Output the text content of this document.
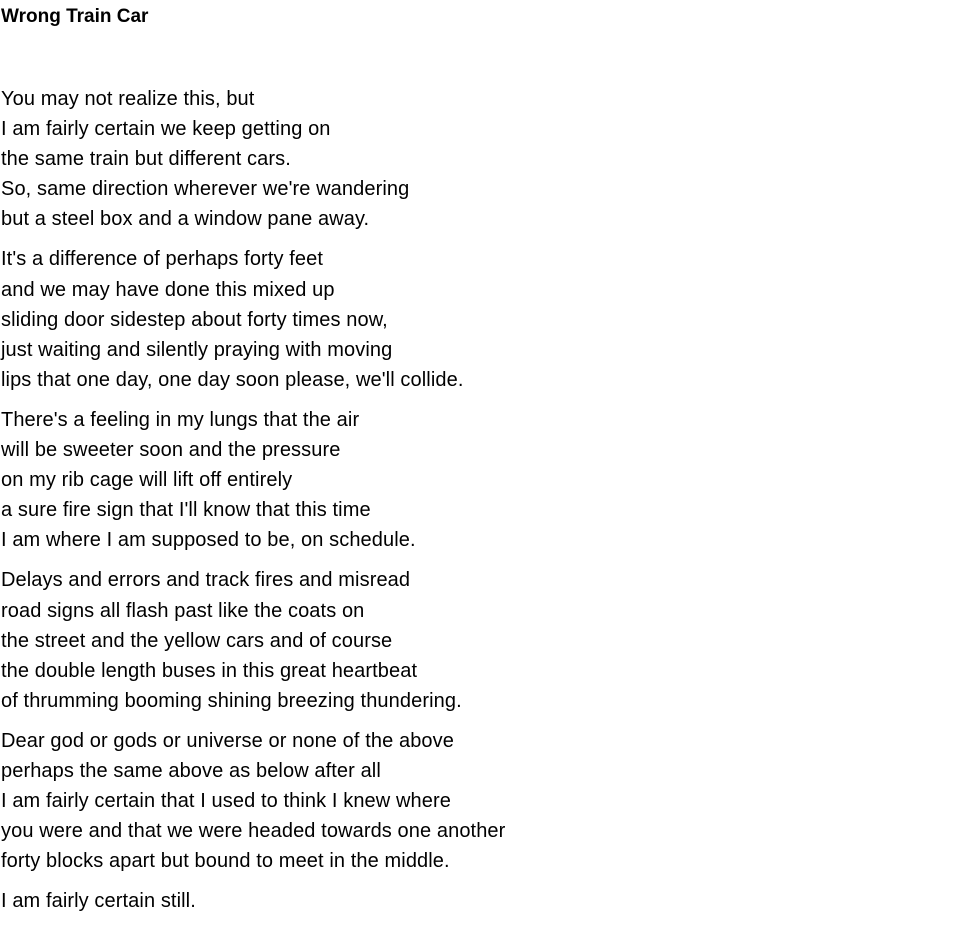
Wrong Train Car
You may not realize this, but
I am fairly certain we keep getting on
the same train but different cars.
So, same direction wherever we're wandering
but a steel box and a window pane away.
It's a difference of perhaps forty feet
and we may have done this mixed up
sliding door sidestep about forty times now,
just waiting and silently praying with moving
lips that one day, one day soon please, we'll collide.
There's a feeling in my lungs that the air
will be sweeter soon and the pressure
on my rib cage will lift off entirely
a sure fire sign that I'll know that this time
I am where I am supposed to be, on schedule.
Delays and errors and track fires and misread
road signs all flash past like the coats on
the street and the yellow cars and of course
the double length buses in this great heartbeat
of thrumming booming shining breezing thundering.
Dear god or gods or universe or none of the above
perhaps the same above as below after all
I am fairly certain that I used to think I knew where
you were and that we were headed towards one another
forty blocks apart but bound to meet in the middle.
I am fairly certain still.
